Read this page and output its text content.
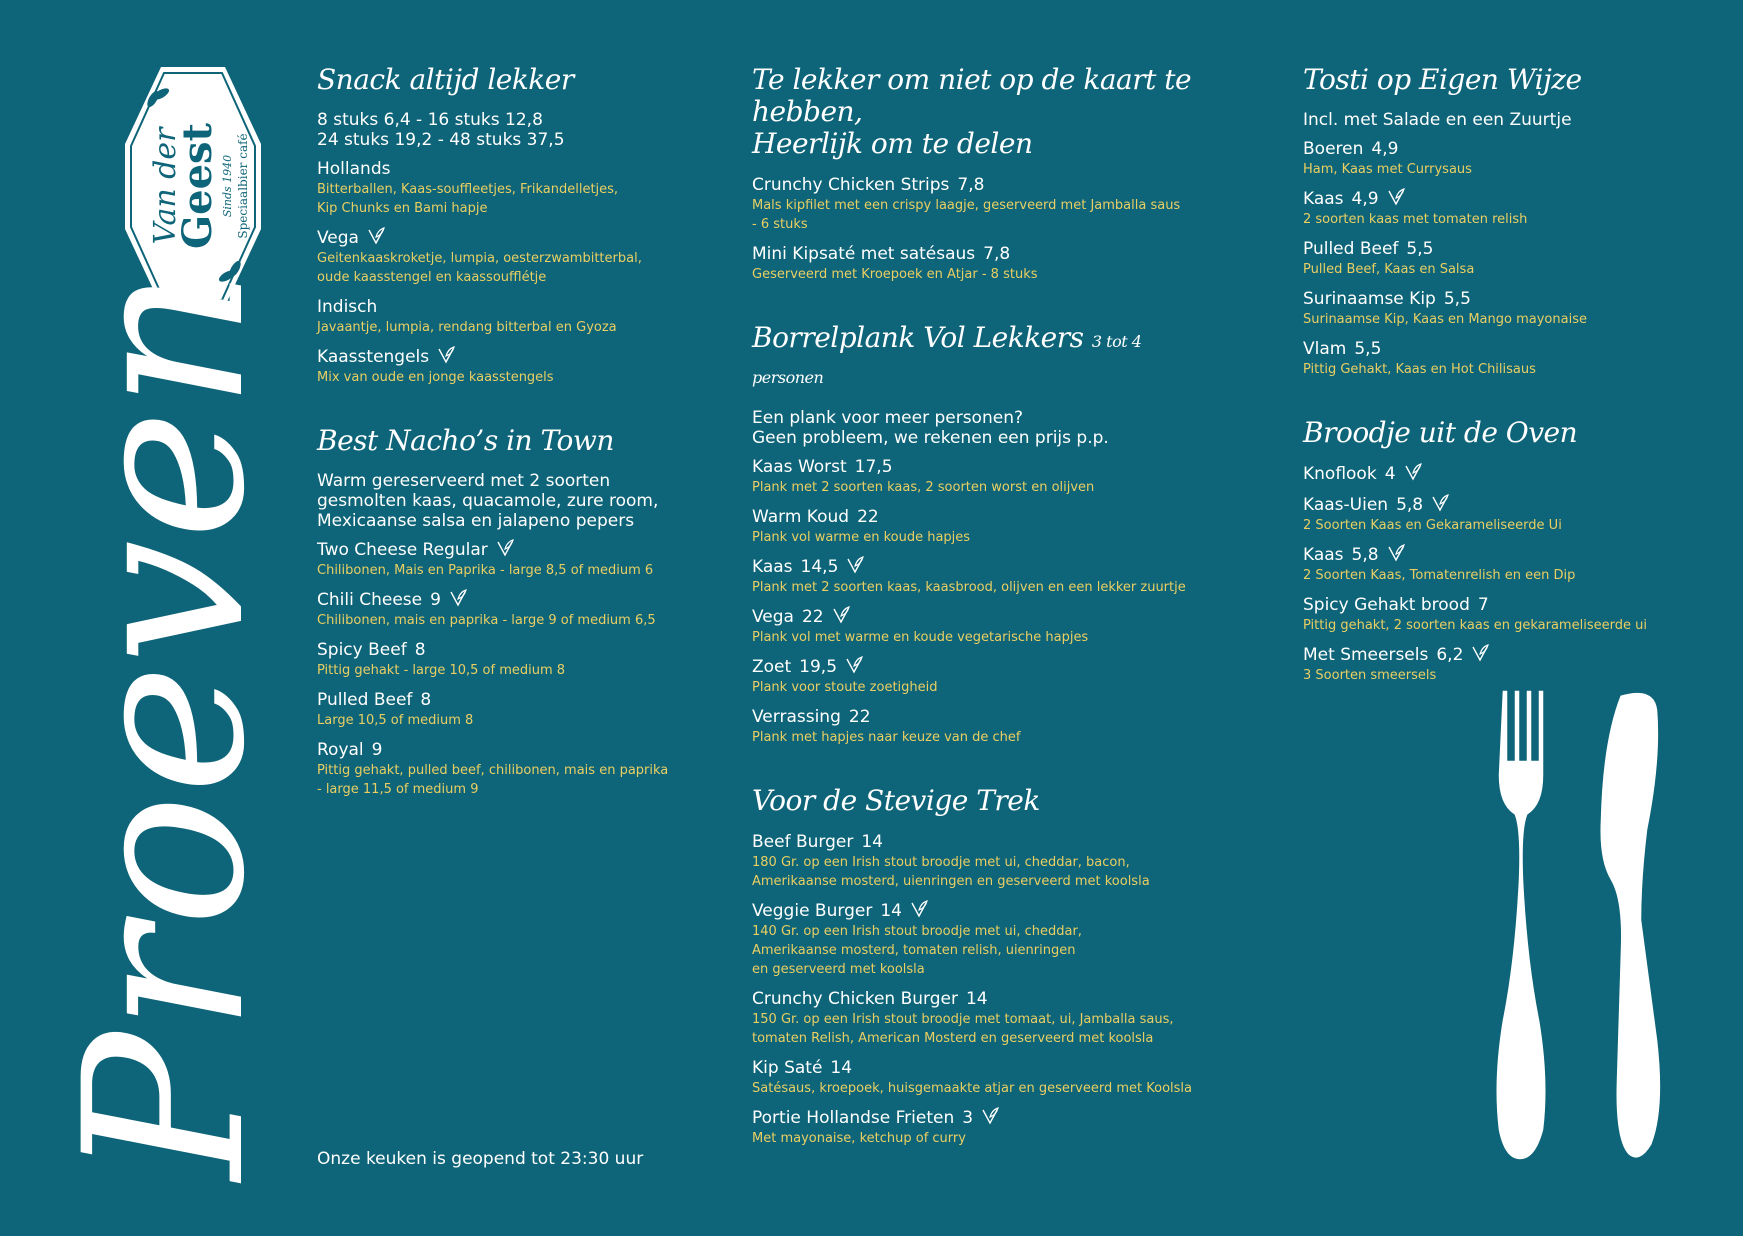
Van der
Geest Sinds 1940 Speciaalbier café
Proeven
Snack altijd lekker
8 stuks 6,4 - 16 stuks 12,8
24 stuks 19,2 - 48 stuks 37,5
Hollands
Bitterballen, Kaas-souffleetjes, Frikandelletjes,
Kip Chunks en Bami hapje
Vega
Geitenkaaskroketje, lumpia, oesterzwambitterbal,
oude kaasstengel en kaassoufflétje
Indisch
Javaantje, lumpia, rendang bitterbal en Gyoza
Kaasstengels
Mix van oude en jonge kaasstengels
Best Nacho’s in Town
Warm gereserveerd met 2 soorten
gesmolten kaas, quacamole, zure room,
Mexicaanse salsa en jalapeno pepers
Two Cheese Regular
Chilibonen, Mais en Paprika - large 8,5 of medium 6
Chili Cheese 9
Chilibonen, mais en paprika - large 9 of medium 6,5
Spicy Beef 8
Pittig gehakt - large 10,5 of medium 8
Pulled Beef 8
Large 10,5 of medium 8
Royal 9
Pittig gehakt, pulled beef, chilibonen, mais en paprika
- large 11,5 of medium 9
Te lekker om niet op de kaart te hebben,
Heerlijk om te delen
Crunchy Chicken Strips 7,8
Mals kipfilet met een crispy laagje, geserveerd met Jamballa saus
- 6 stuks
Mini Kipsaté met satésaus 7,8
Geserveerd met Kroepoek en Atjar - 8 stuks
Borrelplank Vol Lekkers 3 tot 4 personen
Een plank voor meer personen?
Geen probleem, we rekenen een prijs p.p.
Kaas Worst 17,5
Plank met 2 soorten kaas, 2 soorten worst en olijven
Warm Koud 22
Plank vol warme en koude hapjes
Kaas 14,5
Plank met 2 soorten kaas, kaasbrood, olijven en een lekker zuurtje
Vega 22
Plank vol met warme en koude vegetarische hapjes
Zoet 19,5
Plank voor stoute zoetigheid
Verrassing 22
Plank met hapjes naar keuze van de chef
Voor de Stevige Trek
Beef Burger 14
180 Gr. op een Irish stout broodje met ui, cheddar, bacon,
Amerikaanse mosterd, uienringen en geserveerd met koolsla
Veggie Burger 14
140 Gr. op een Irish stout broodje met ui, cheddar,
Amerikaanse mosterd, tomaten relish, uienringen
en geserveerd met koolsla
Crunchy Chicken Burger 14
150 Gr. op een Irish stout broodje met tomaat, ui, Jamballa saus,
tomaten Relish, American Mosterd en geserveerd met koolsla
Kip Saté 14
Satésaus, kroepoek, huisgemaakte atjar en geserveerd met Koolsla
Portie Hollandse Frieten 3
Met mayonaise, ketchup of curry
Tosti op Eigen Wijze
Incl. met Salade en een Zuurtje
Boeren 4,9
Ham, Kaas met Currysaus
Kaas 4,9
2 soorten kaas met tomaten relish
Pulled Beef 5,5
Pulled Beef, Kaas en Salsa
Surinaamse Kip 5,5
Surinaamse Kip, Kaas en Mango mayonaise
Vlam 5,5
Pittig Gehakt, Kaas en Hot Chilisaus
Broodje uit de Oven
Knoflook 4
Kaas-Uien 5,8
2 Soorten Kaas en Gekarameliseerde Ui
Kaas 5,8
2 Soorten Kaas, Tomatenrelish en een Dip
Spicy Gehakt brood 7
Pittig gehakt, 2 soorten kaas en gekarameliseerde ui
Met Smeersels 6,2
3 Soorten smeersels
Onze keuken is geopend tot 23:30 uur
